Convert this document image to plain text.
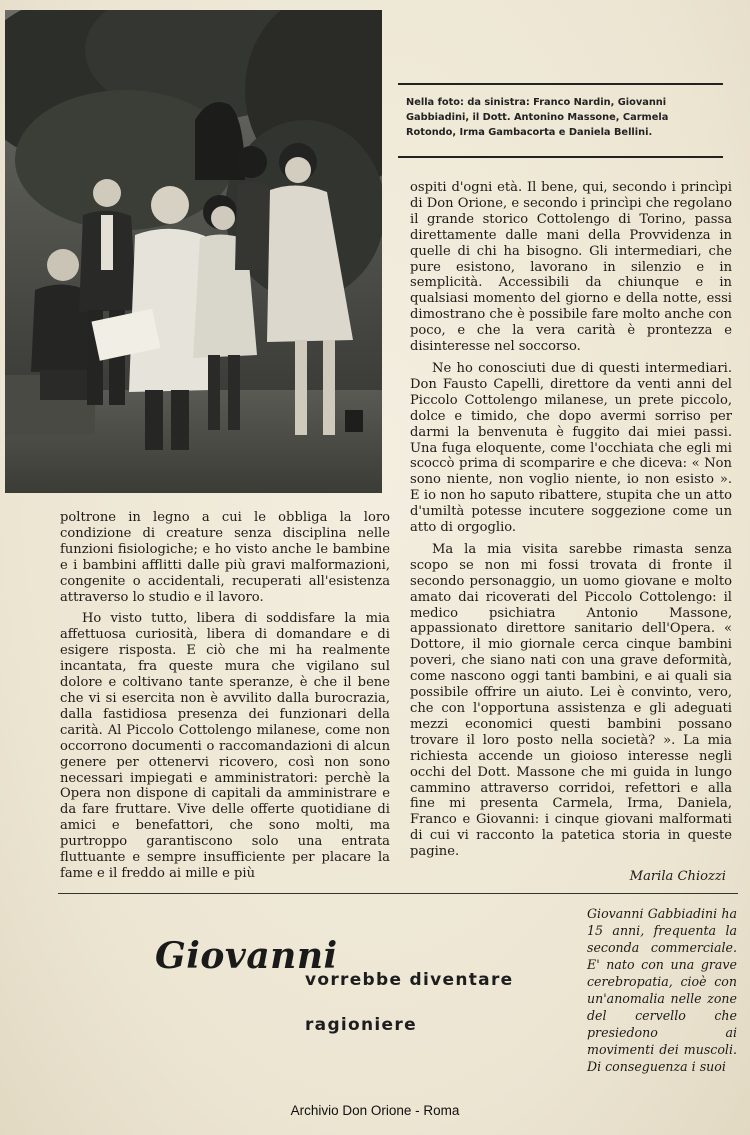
Nella foto: da sinistra: Franco Nardin, Giovanni Gabbiadini, il Dott. Antonino Massone, Carmela Rotondo, Irma Gambacorta e Daniela Bellini.

poltrone in legno a cui le obbliga la loro condizione di creature senza disciplina nelle funzioni fisiologiche; e ho visto anche le bambine e i bambini afflitti dalle più gravi malformazioni, congenite o accidentali, recuperati all'esistenza attraverso lo studio e il lavoro.

Ho visto tutto, libera di soddisfare la mia affettuosa curiosità, libera di domandare e di esigere risposta. E ciò che mi ha realmente incantata, fra queste mura che vigilano sul dolore e coltivano tante speranze, è che il bene che vi si esercita non è avvilito dalla burocrazia, dalla fastidiosa presenza dei funzionari della carità. Al Piccolo Cottolengo milanese, come non occorrono documenti o raccomandazioni di alcun genere per ottenervi ricovero, così non sono necessari impiegati e amministratori: perchè la Opera non dispone di capitali da amministrare e da fare fruttare. Vive delle offerte quotidiane di amici e benefattori, che sono molti, ma purtroppo garantiscono solo una entrata fluttuante e sempre insufficiente per placare la fame e il freddo ai mille e più

ospiti d'ogni età. Il bene, qui, secondo i princìpi di Don Orione, e secondo i princìpi che regolano il grande storico Cottolengo di Torino, passa direttamente dalle mani della Provvidenza in quelle di chi ha bisogno. Gli intermediari, che pure esistono, lavorano in silenzio e in semplicità. Accessibili da chiunque e in qualsiasi momento del giorno e della notte, essi dimostrano che è possibile fare molto anche con poco, e che la vera carità è prontezza e disinteresse nel soccorso.

Ne ho conosciuti due di questi intermediari. Don Fausto Capelli, direttore da venti anni del Piccolo Cottolengo milanese, un prete piccolo, dolce e timido, che dopo avermi sorriso per darmi la benvenuta è fuggito dai miei passi. Una fuga eloquente, come l'occhiata che egli mi scoccò prima di scomparire e che diceva: « Non sono niente, non voglio niente, io non esisto ». E io non ho saputo ribattere, stupita che un atto d'umiltà potesse incutere soggezione come un atto di orgoglio.

Ma la mia visita sarebbe rimasta senza scopo se non mi fossi trovata di fronte il secondo personaggio, un uomo giovane e molto amato dai ricoverati del Piccolo Cottolengo: il medico psichiatra Antonio Massone, appassionato direttore sanitario dell'Opera. « Dottore, il mio giornale cerca cinque bambini poveri, che siano nati con una grave deformità, come nascono oggi tanti bambini, e ai quali sia possibile offrire un aiuto. Lei è convinto, vero, che con l'opportuna assistenza e gli adeguati mezzi economici questi bambini possano trovare il loro posto nella società? ». La mia richiesta accende un gioioso interesse negli occhi del Dott. Massone che mi guida in lungo cammino attraverso corridoi, refettori e alla fine mi presenta Carmela, Irma, Daniela, Franco e Giovanni: i cinque giovani malformati di cui vi racconto la patetica storia in queste pagine.

Marila Chiozzi
Giovanni
vorrebbe diventare
ragioniere
Giovanni Gabbiadini ha 15 anni, frequenta la seconda commerciale. E' nato con una grave cerebropatia, cioè con un'anomalia nelle zone del cervello che presiedono ai movimenti dei muscoli. Di conseguenza i suoi
Archivio Don Orione - Roma
